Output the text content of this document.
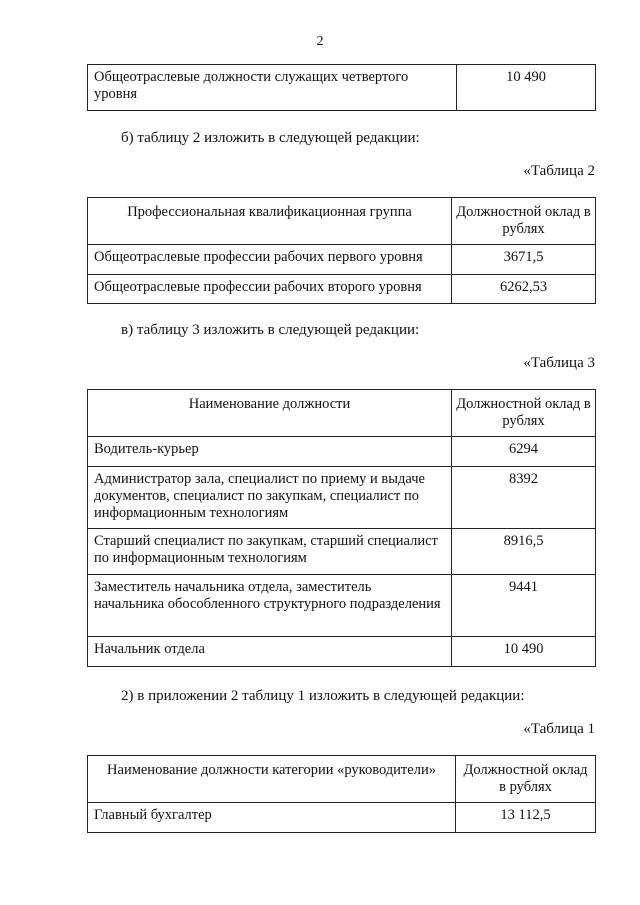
2
Общеотраслевые должности служащих четвертого уровня	10 490
б) таблицу 2 изложить в следующей редакции:
«Таблица 2
Профессиональная квалификационная группа	Должностной оклад в рублях
Общеотраслевые профессии рабочих первого уровня	3671,5
Общеотраслевые профессии рабочих второго уровня	6262,53
в) таблицу 3 изложить в следующей редакции:
«Таблица 3
Наименование должности	Должностной оклад в рублях
Водитель-курьер	6294
Администратор зала, специалист по приему и выдаче документов, специалист по закупкам, специалист по информационным технологиям	8392
Старший специалист по закупкам, старший специалист по информационным технологиям	8916,5
Заместитель начальника отдела, заместитель начальника обособленного структурного подразделения	9441
Начальник отдела	10 490
2) в приложении 2 таблицу 1 изложить в следующей редакции:
«Таблица 1
Наименование должности категории «руководители»	Должностной оклад в рублях
Главный бухгалтер	13 112,5
